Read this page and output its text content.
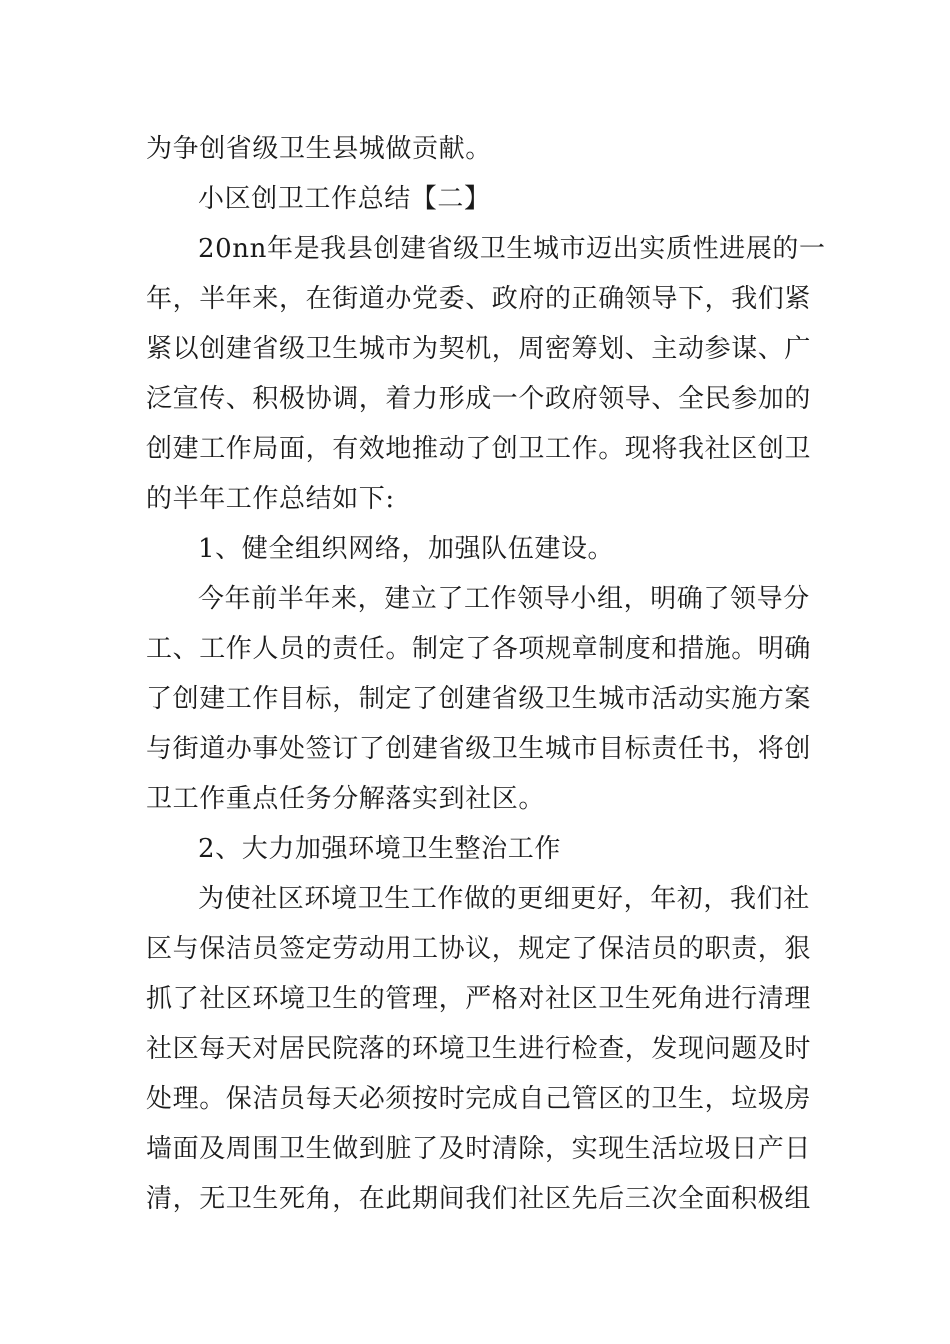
为争创省级卫生县城做贡献。

小区创卫工作总结【二】

20nn年是我县创建省级卫生城市迈出实质性进展的一

年，半年来，在街道办党委、政府的正确领导下，我们紧

紧以创建省级卫生城市为契机，周密筹划、主动参谋、广

泛宣传、积极协调，着力形成一个政府领导、全民参加的

创建工作局面，有效地推动了创卫工作。现将我社区创卫

的半年工作总结如下:

1、健全组织网络，加强队伍建设。

今年前半年来，建立了工作领导小组，明确了领导分

工、工作人员的责任。制定了各项规章制度和措施。明确

了创建工作目标，制定了创建省级卫生城市活动实施方案

与街道办事处签订了创建省级卫生城市目标责任书，将创

卫工作重点任务分解落实到社区。

2、大力加强环境卫生整治工作

为使社区环境卫生工作做的更细更好，年初，我们社

区与保洁员签定劳动用工协议，规定了保洁员的职责，狠

抓了社区环境卫生的管理，严格对社区卫生死角进行清理

社区每天对居民院落的环境卫生进行检查，发现问题及时

处理。保洁员每天必须按时完成自己管区的卫生，垃圾房

墙面及周围卫生做到脏了及时清除，实现生活垃圾日产日

清，无卫生死角，在此期间我们社区先后三次全面积极组
